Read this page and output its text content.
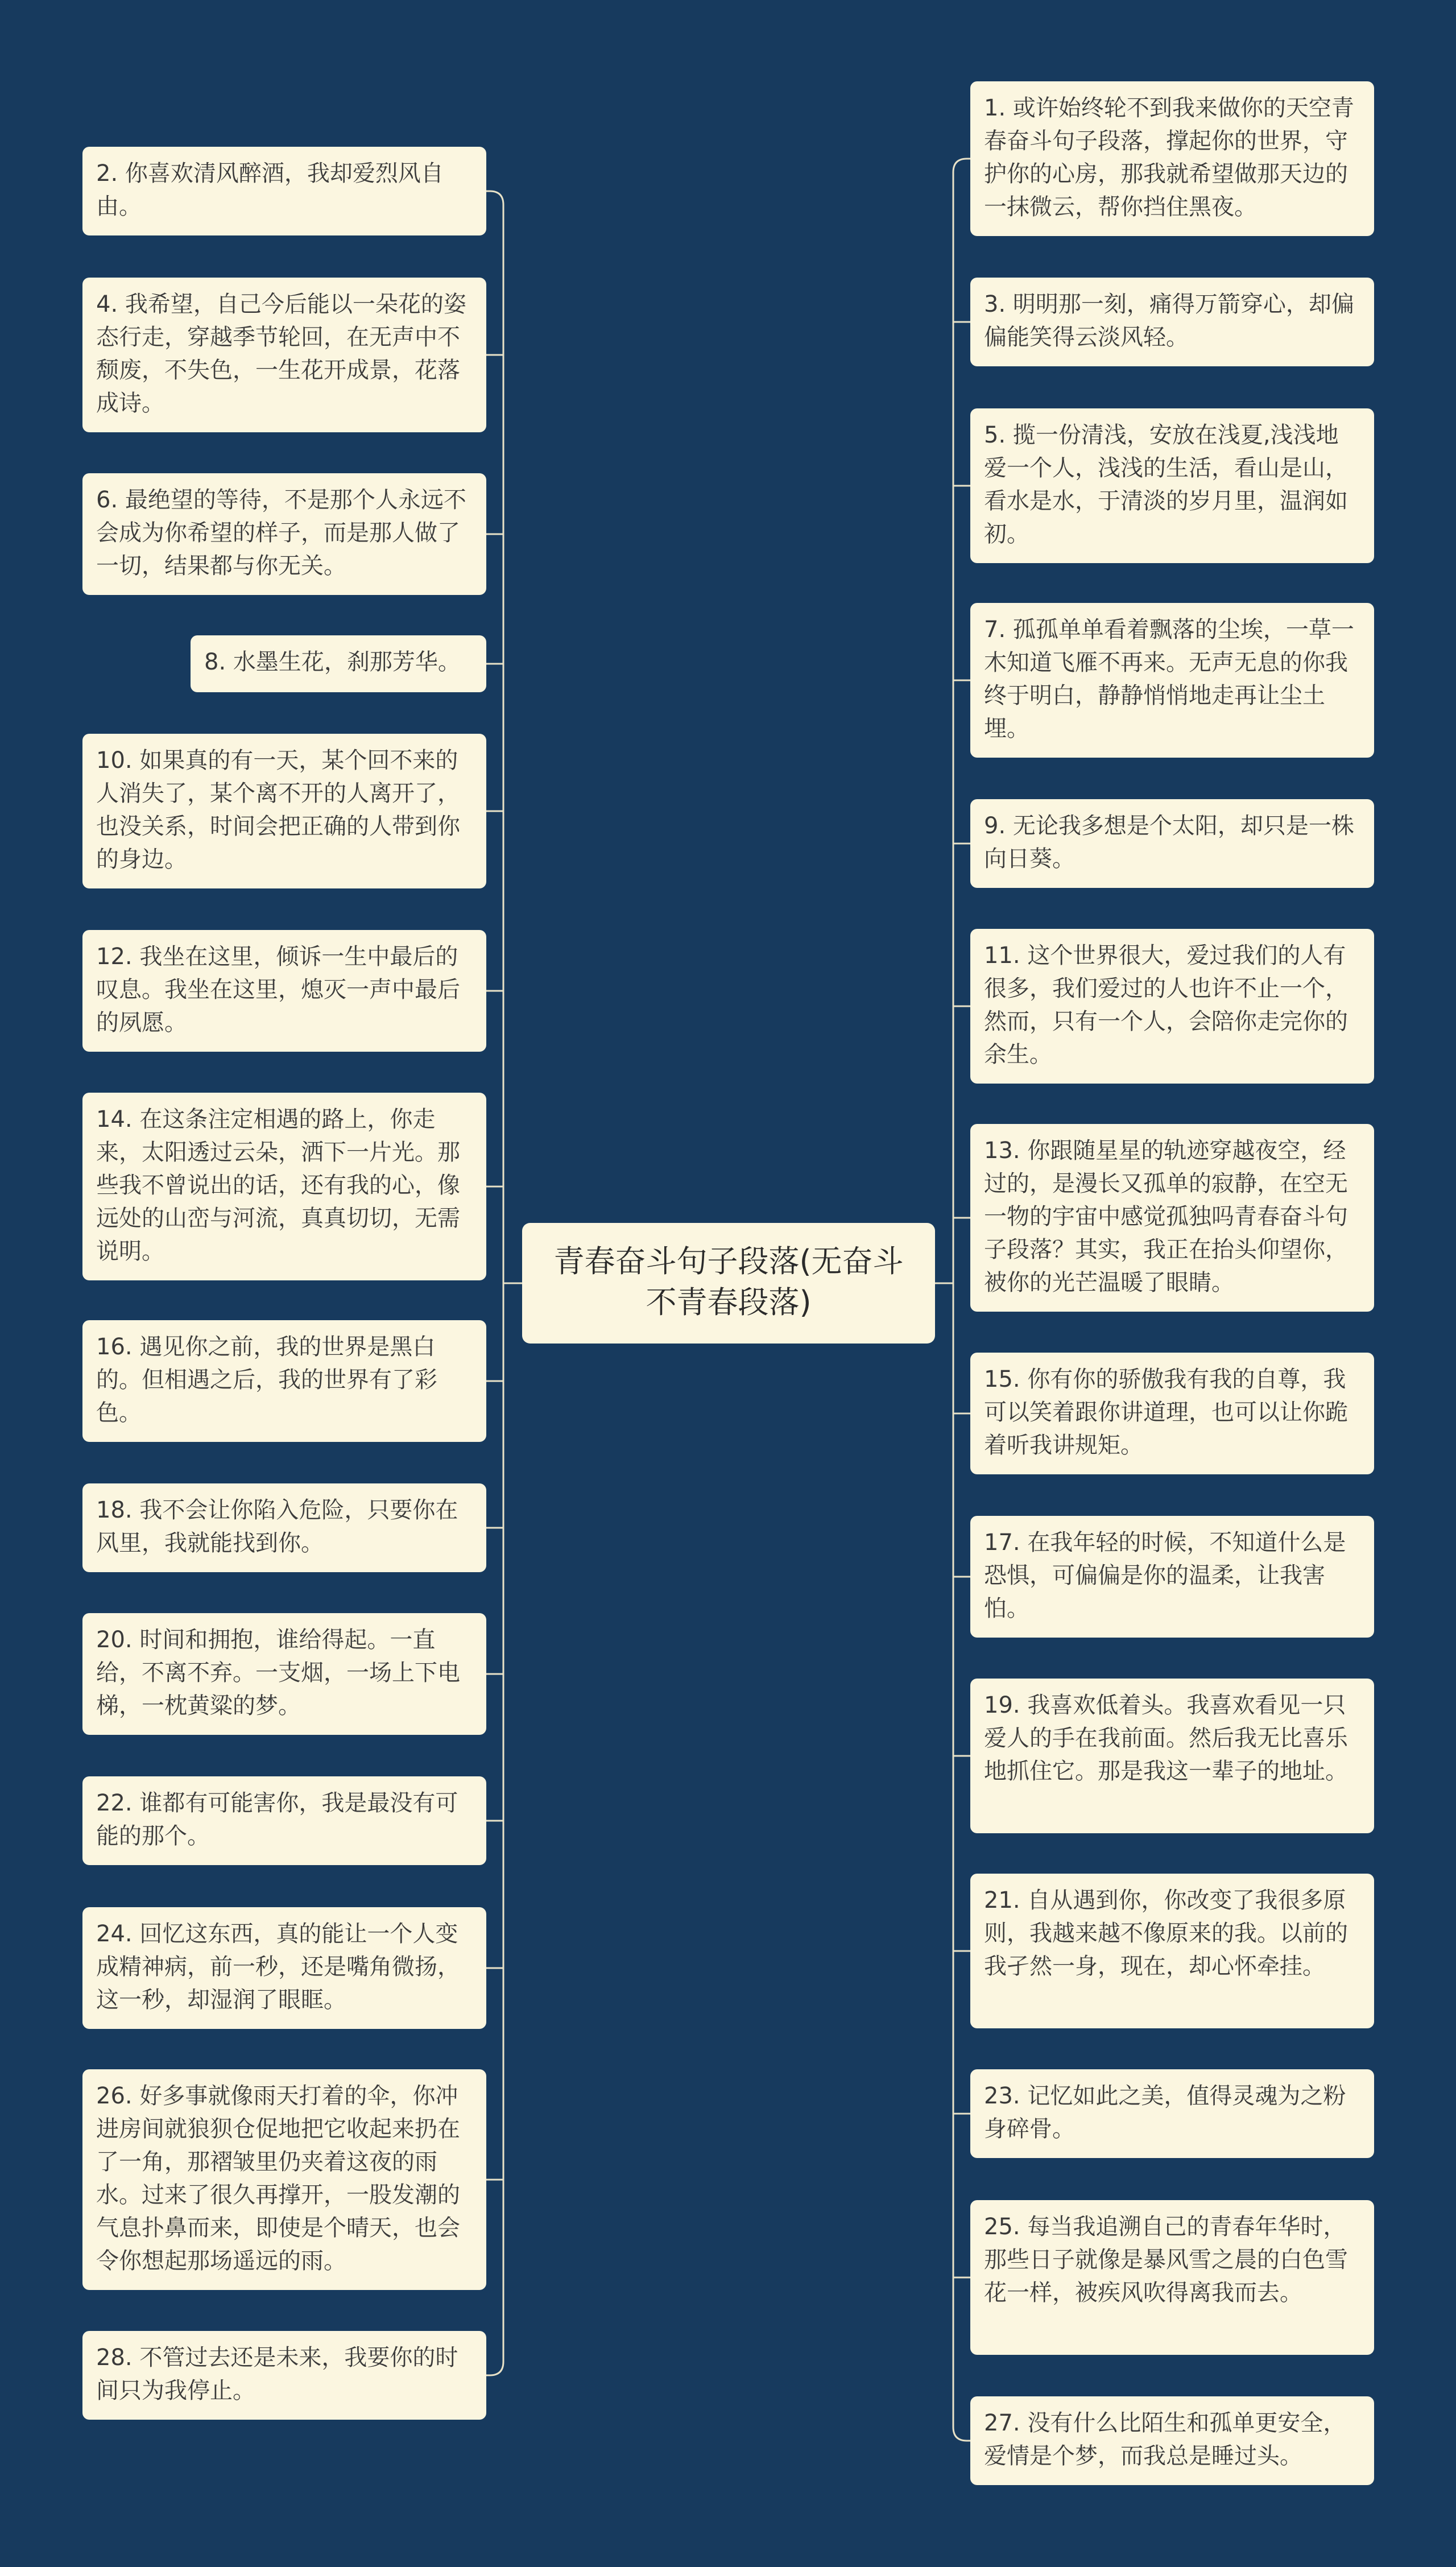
青春奋斗句子段落(无奋斗不青春段落)
2. 你喜欢清风醉酒，我却爱烈风自由。
4. 我希望，自己今后能以一朵花的姿态行走，穿越季节轮回，在无声中不颓废，不失色，一生花开成景，花落成诗。
6. 最绝望的等待，不是那个人永远不会成为你希望的样子，而是那人做了一切，结果都与你无关。
8. 水墨生花，刹那芳华。
10. 如果真的有一天，某个回不来的人消失了，某个离不开的人离开了，也没关系，时间会把正确的人带到你的身边。
12. 我坐在这里，倾诉一生中最后的叹息。我坐在这里，熄灭一声中最后的夙愿。
14. 在这条注定相遇的路上，你走来，太阳透过云朵，洒下一片光。那些我不曾说出的话，还有我的心，像远处的山峦与河流，真真切切，无需说明。
16. 遇见你之前，我的世界是黑白的。但相遇之后，我的世界有了彩色。
18. 我不会让你陷入危险，只要你在风里，我就能找到你。
20. 时间和拥抱，谁给得起。一直给，不离不弃。一支烟，一场上下电梯，一枕黄粱的梦。
22. 谁都有可能害你，我是最没有可能的那个。
24. 回忆这东西，真的能让一个人变成精神病，前一秒，还是嘴角微扬，这一秒，却湿润了眼眶。
26. 好多事就像雨天打着的伞，你冲进房间就狼狈仓促地把它收起来扔在了一角，那褶皱里仍夹着这夜的雨水。过来了很久再撑开，一股发潮的气息扑鼻而来，即使是个晴天，也会令你想起那场遥远的雨。
28. 不管过去还是未来，我要你的时间只为我停止。
1. 或许始终轮不到我来做你的天空青春奋斗句子段落，撑起你的世界，守护你的心房，那我就希望做那天边的一抹微云，帮你挡住黑夜。
3. 明明那一刻，痛得万箭穿心，却偏偏能笑得云淡风轻。
5. 揽一份清浅，安放在浅夏,浅浅地爱一个人，浅浅的生活，看山是山，看水是水，于清淡的岁月里，温润如初。
7. 孤孤单单看着飘落的尘埃，一草一木知道飞雁不再来。无声无息的你我终于明白，静静悄悄地走再让尘土埋。
9. 无论我多想是个太阳，却只是一株向日葵。
11. 这个世界很大，爱过我们的人有很多，我们爱过的人也许不止一个，然而，只有一个人，会陪你走完你的余生。
13. 你跟随星星的轨迹穿越夜空，经过的，是漫长又孤单的寂静，在空无一物的宇宙中感觉孤独吗青春奋斗句子段落？其实，我正在抬头仰望你，被你的光芒温暖了眼睛。
15. 你有你的骄傲我有我的自尊，我可以笑着跟你讲道理，也可以让你跪着听我讲规矩。
17. 在我年轻的时候，不知道什么是恐惧，可偏偏是你的温柔，让我害怕。
19. 我喜欢低着头。我喜欢看见一只爱人的手在我前面。然后我无比喜乐地抓住它。那是我这一辈子的地址。
21. 自从遇到你，你改变了我很多原则，我越来越不像原来的我。以前的我孑然一身，现在，却心怀牵挂。
23. 记忆如此之美，值得灵魂为之粉身碎骨。
25. 每当我追溯自己的青春年华时，那些日子就像是暴风雪之晨的白色雪花一样，被疾风吹得离我而去。
27. 没有什么比陌生和孤单更安全，爱情是个梦，而我总是睡过头。
